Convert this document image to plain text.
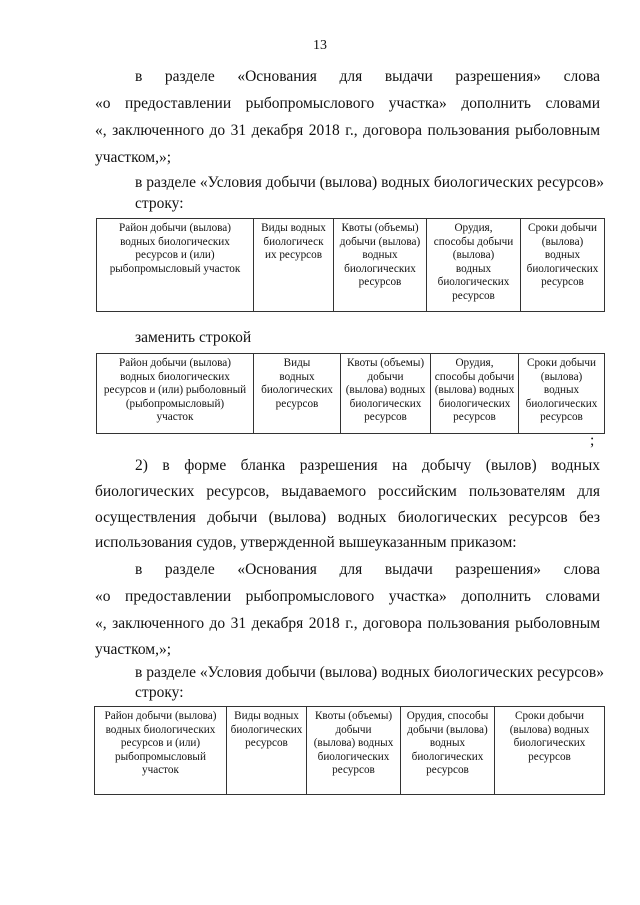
13
в разделе «Основания для выдачи разрешения» слова
«о предоставлении рыбопромыслового участка» дополнить словами
«, заключенного до 31 декабря 2018 г., договора пользования рыболовным
участком,»;
в разделе «Условия добычи (вылова) водных биологических ресурсов»
строку:
Район добычи (вылова)
водных биологических
ресурсов и (или)
рыбопромысловый участок	Виды водных
биологическ
их ресурсов	Квоты (объемы)
добычи (вылова)
водных
биологических
ресурсов	Орудия,
способы добычи
(вылова)
водных
биологических
ресурсов	Сроки добычи
(вылова)
водных
биологических
ресурсов
заменить строкой
Район добычи (вылова)
водных биологических
ресурсов и (или) рыболовный
(рыбопромысловый)
участок	Виды
водных
биологических
ресурсов	Квоты (объемы)
добычи
(вылова) водных
биологических
ресурсов	Орудия,
способы добычи
(вылова) водных
биологических
ресурсов	Сроки добычи
(вылова)
водных
биологических
ресурсов
;
2) в форме бланка разрешения на добычу (вылов) водных
биологических ресурсов, выдаваемого российским пользователям для
осуществления добычи (вылова) водных биологических ресурсов без
использования судов, утвержденной вышеуказанным приказом:
в разделе «Основания для выдачи разрешения» слова
«о предоставлении рыбопромыслового участка» дополнить словами
«, заключенного до 31 декабря 2018 г., договора пользования рыболовным
участком,»;
в разделе «Условия добычи (вылова) водных биологических ресурсов»
строку:
Район добычи (вылова)
водных биологических
ресурсов и (или)
рыбопромысловый
участок	Виды водных
биологических
ресурсов	Квоты (объемы)
добычи
(вылова) водных
биологических
ресурсов	Орудия, способы
добычи (вылова)
водных
биологических
ресурсов	Сроки добычи
(вылова) водных
биологических
ресурсов
